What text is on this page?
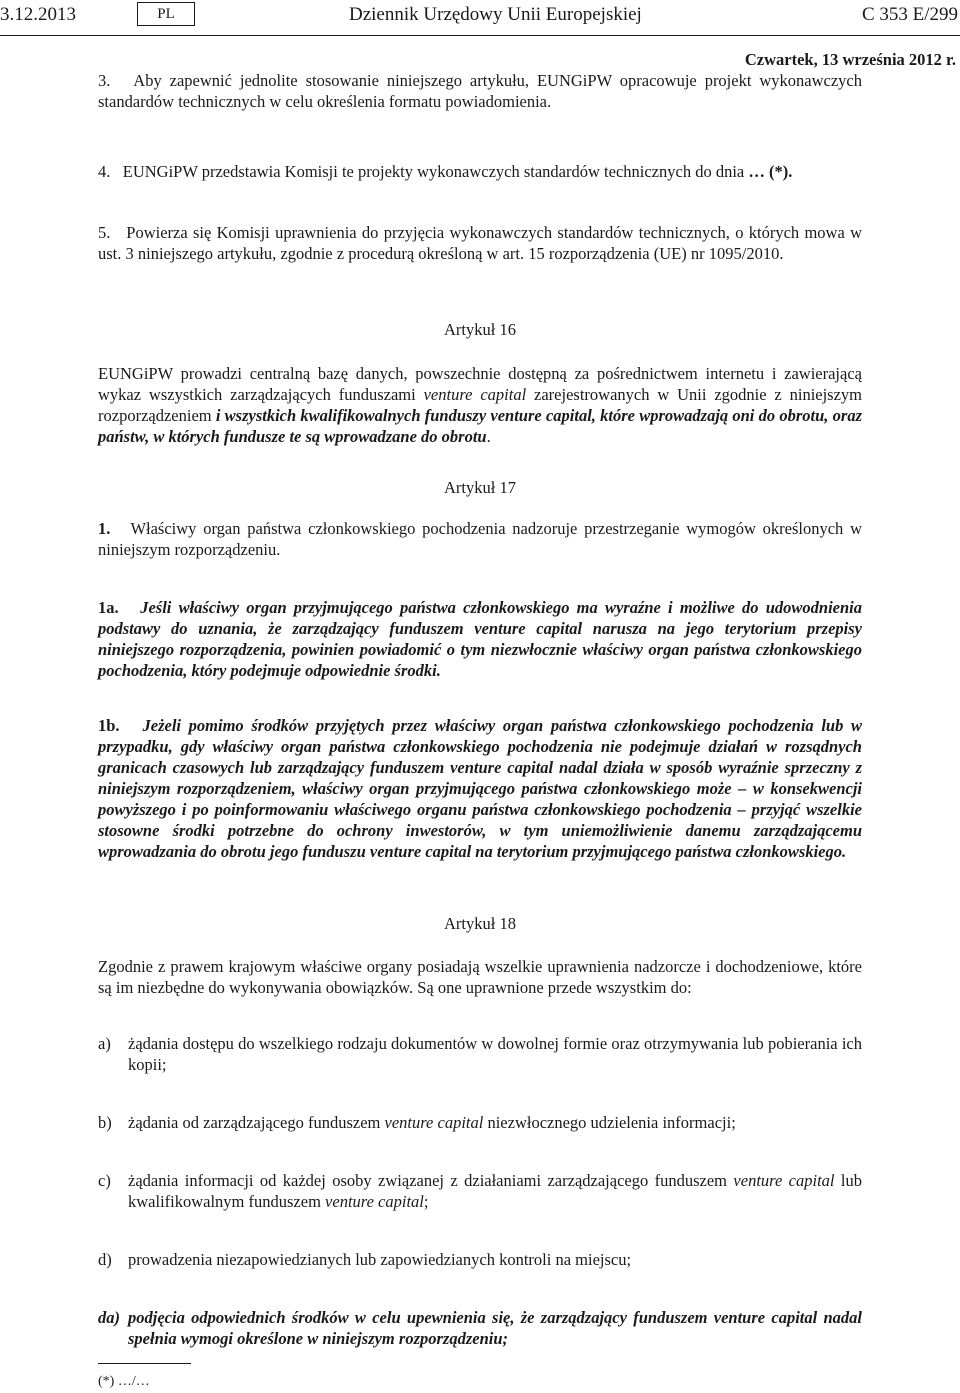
3.12.2013	PL	Dziennik Urzędowy Unii Europejskiej	C 353 E/299
Czwartek, 13 września 2012 r.

3. Aby zapewnić jednolite stosowanie niniejszego artykułu, EUNGiPW opracowuje projekt wykonawczych standardów technicznych w celu określenia formatu powiadomienia.

4. EUNGiPW przedstawia Komisji te projekty wykonawczych standardów technicznych do dnia … (*).

5. Powierza się Komisji uprawnienia do przyjęcia wykonawczych standardów technicznych, o których mowa w ust. 3 niniejszego artykułu, zgodnie z procedurą określoną w art. 15 rozporządzenia (UE) nr 1095/2010.

Artykuł 16

EUNGiPW prowadzi centralną bazę danych, powszechnie dostępną za pośrednictwem internetu i zawierającą wykaz wszystkich zarządzających funduszami venture capital zarejestrowanych w Unii zgodnie z niniejszym rozporządzeniem i wszystkich kwalifikowalnych funduszy venture capital, które wprowadzają oni do obrotu, oraz państw, w których fundusze te są wprowadzane do obrotu.

Artykuł 17

1. Właściwy organ państwa członkowskiego pochodzenia nadzoruje przestrzeganie wymogów określonych w niniejszym rozporządzeniu.

1a. Jeśli właściwy organ przyjmującego państwa członkowskiego ma wyraźne i możliwe do udowodnienia podstawy do uznania, że zarządzający funduszem venture capital narusza na jego terytorium przepisy niniejszego rozporządzenia, powinien powiadomić o tym niezwłocznie właściwy organ państwa członkowskiego pochodzenia, który podejmuje odpowiednie środki.

1b. Jeżeli pomimo środków przyjętych przez właściwy organ państwa członkowskiego pochodzenia lub w przypadku, gdy właściwy organ państwa członkowskiego pochodzenia nie podejmuje działań w rozsądnych granicach czasowych lub zarządzający funduszem venture capital nadal działa w sposób wyraźnie sprzeczny z niniejszym rozporządzeniem, właściwy organ przyjmującego państwa członkowskiego może – w konsekwencji powyższego i po poinformowaniu właściwego organu państwa członkowskiego pochodzenia – przyjąć wszelkie stosowne środki potrzebne do ochrony inwestorów, w tym uniemożliwienie danemu zarządzającemu wprowadzania do obrotu jego funduszu venture capital na terytorium przyjmującego państwa członkowskiego.

Artykuł 18

Zgodnie z prawem krajowym właściwe organy posiadają wszelkie uprawnienia nadzorcze i dochodzeniowe, które są im niezbędne do wykonywania obowiązków. Są one uprawnione przede wszystkim do:

a) żądania dostępu do wszelkiego rodzaju dokumentów w dowolnej formie oraz otrzymywania lub pobierania ich kopii;
b) żądania od zarządzającego funduszem venture capital niezwłocznego udzielenia informacji;
c) żądania informacji od każdej osoby związanej z działaniami zarządzającego funduszem venture capital lub kwalifikowalnym funduszem venture capital;
d) prowadzenia niezapowiedzianych lub zapowiedzianych kontroli na miejscu;
da) podjęcia odpowiednich środków w celu upewnienia się, że zarządzający funduszem venture capital nadal spełnia wymogi określone w niniejszym rozporządzeniu;
(*) …/…
